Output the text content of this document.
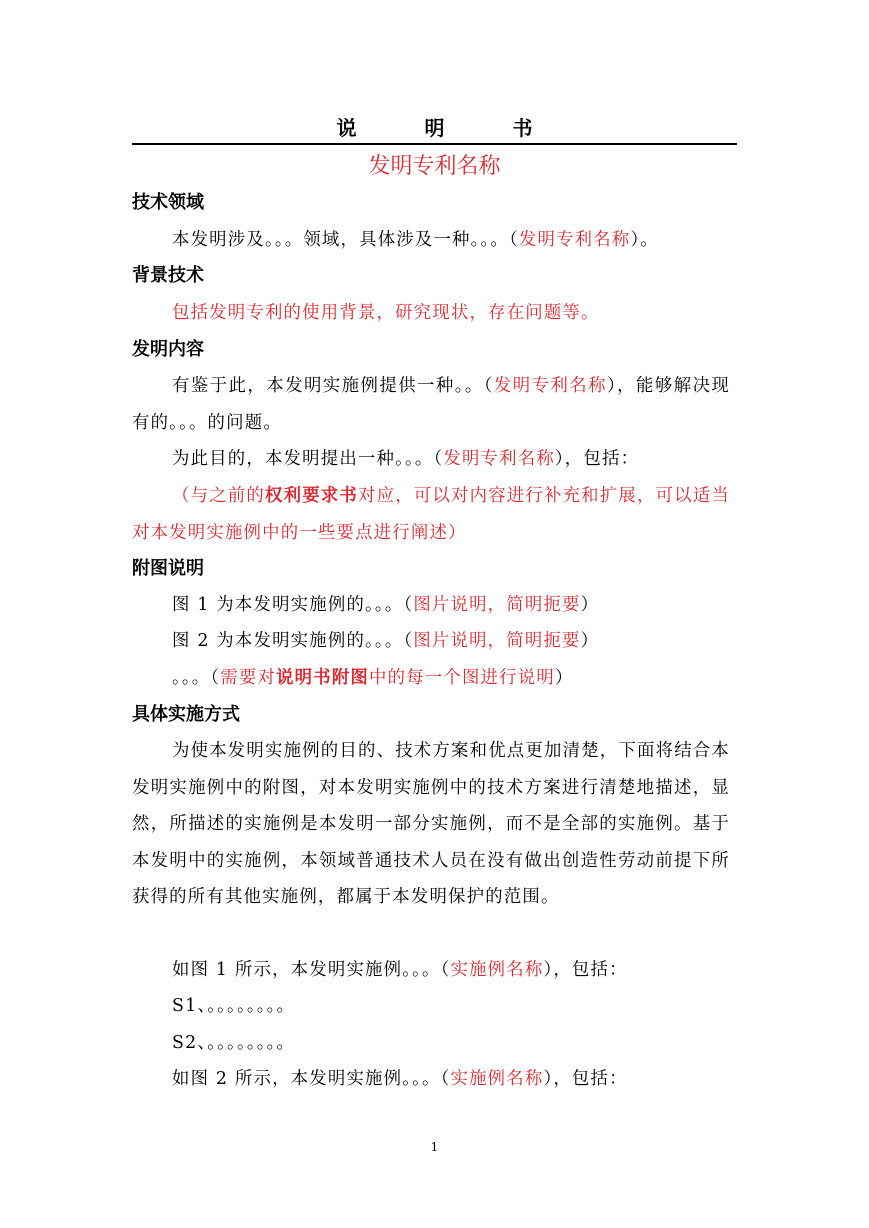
说明书
发明专利名称
技术领域
本发明涉及。。。领域，具体涉及一种。。。（发明专利名称）。
背景技术
包括发明专利的使用背景，研究现状，存在问题等。
发明内容
有鉴于此，本发明实施例提供一种。。（发明专利名称），能够解决现有的。。。的问题。
为此目的，本发明提出一种。。。（发明专利名称），包括：
（与之前的权利要求书对应，可以对内容进行补充和扩展，可以适当对本发明实施例中的一些要点进行阐述）
附图说明
图 1 为本发明实施例的。。。（图片说明，简明扼要）
图 2 为本发明实施例的。。。（图片说明，简明扼要）
。。。（需要对说明书附图中的每一个图进行说明）
具体实施方式
为使本发明实施例的目的、技术方案和优点更加清楚，下面将结合本发明实施例中的附图，对本发明实施例中的技术方案进行清楚地描述，显然，所描述的实施例是本发明一部分实施例，而不是全部的实施例。基于本发明中的实施例，本领域普通技术人员在没有做出创造性劳动前提下所获得的所有其他实施例，都属于本发明保护的范围。
如图 1 所示，本发明实施例。。。（实施例名称），包括：
S1、。。。。。。。。
S2、。。。。。。。。
如图 2 所示，本发明实施例。。。（实施例名称），包括：
1
